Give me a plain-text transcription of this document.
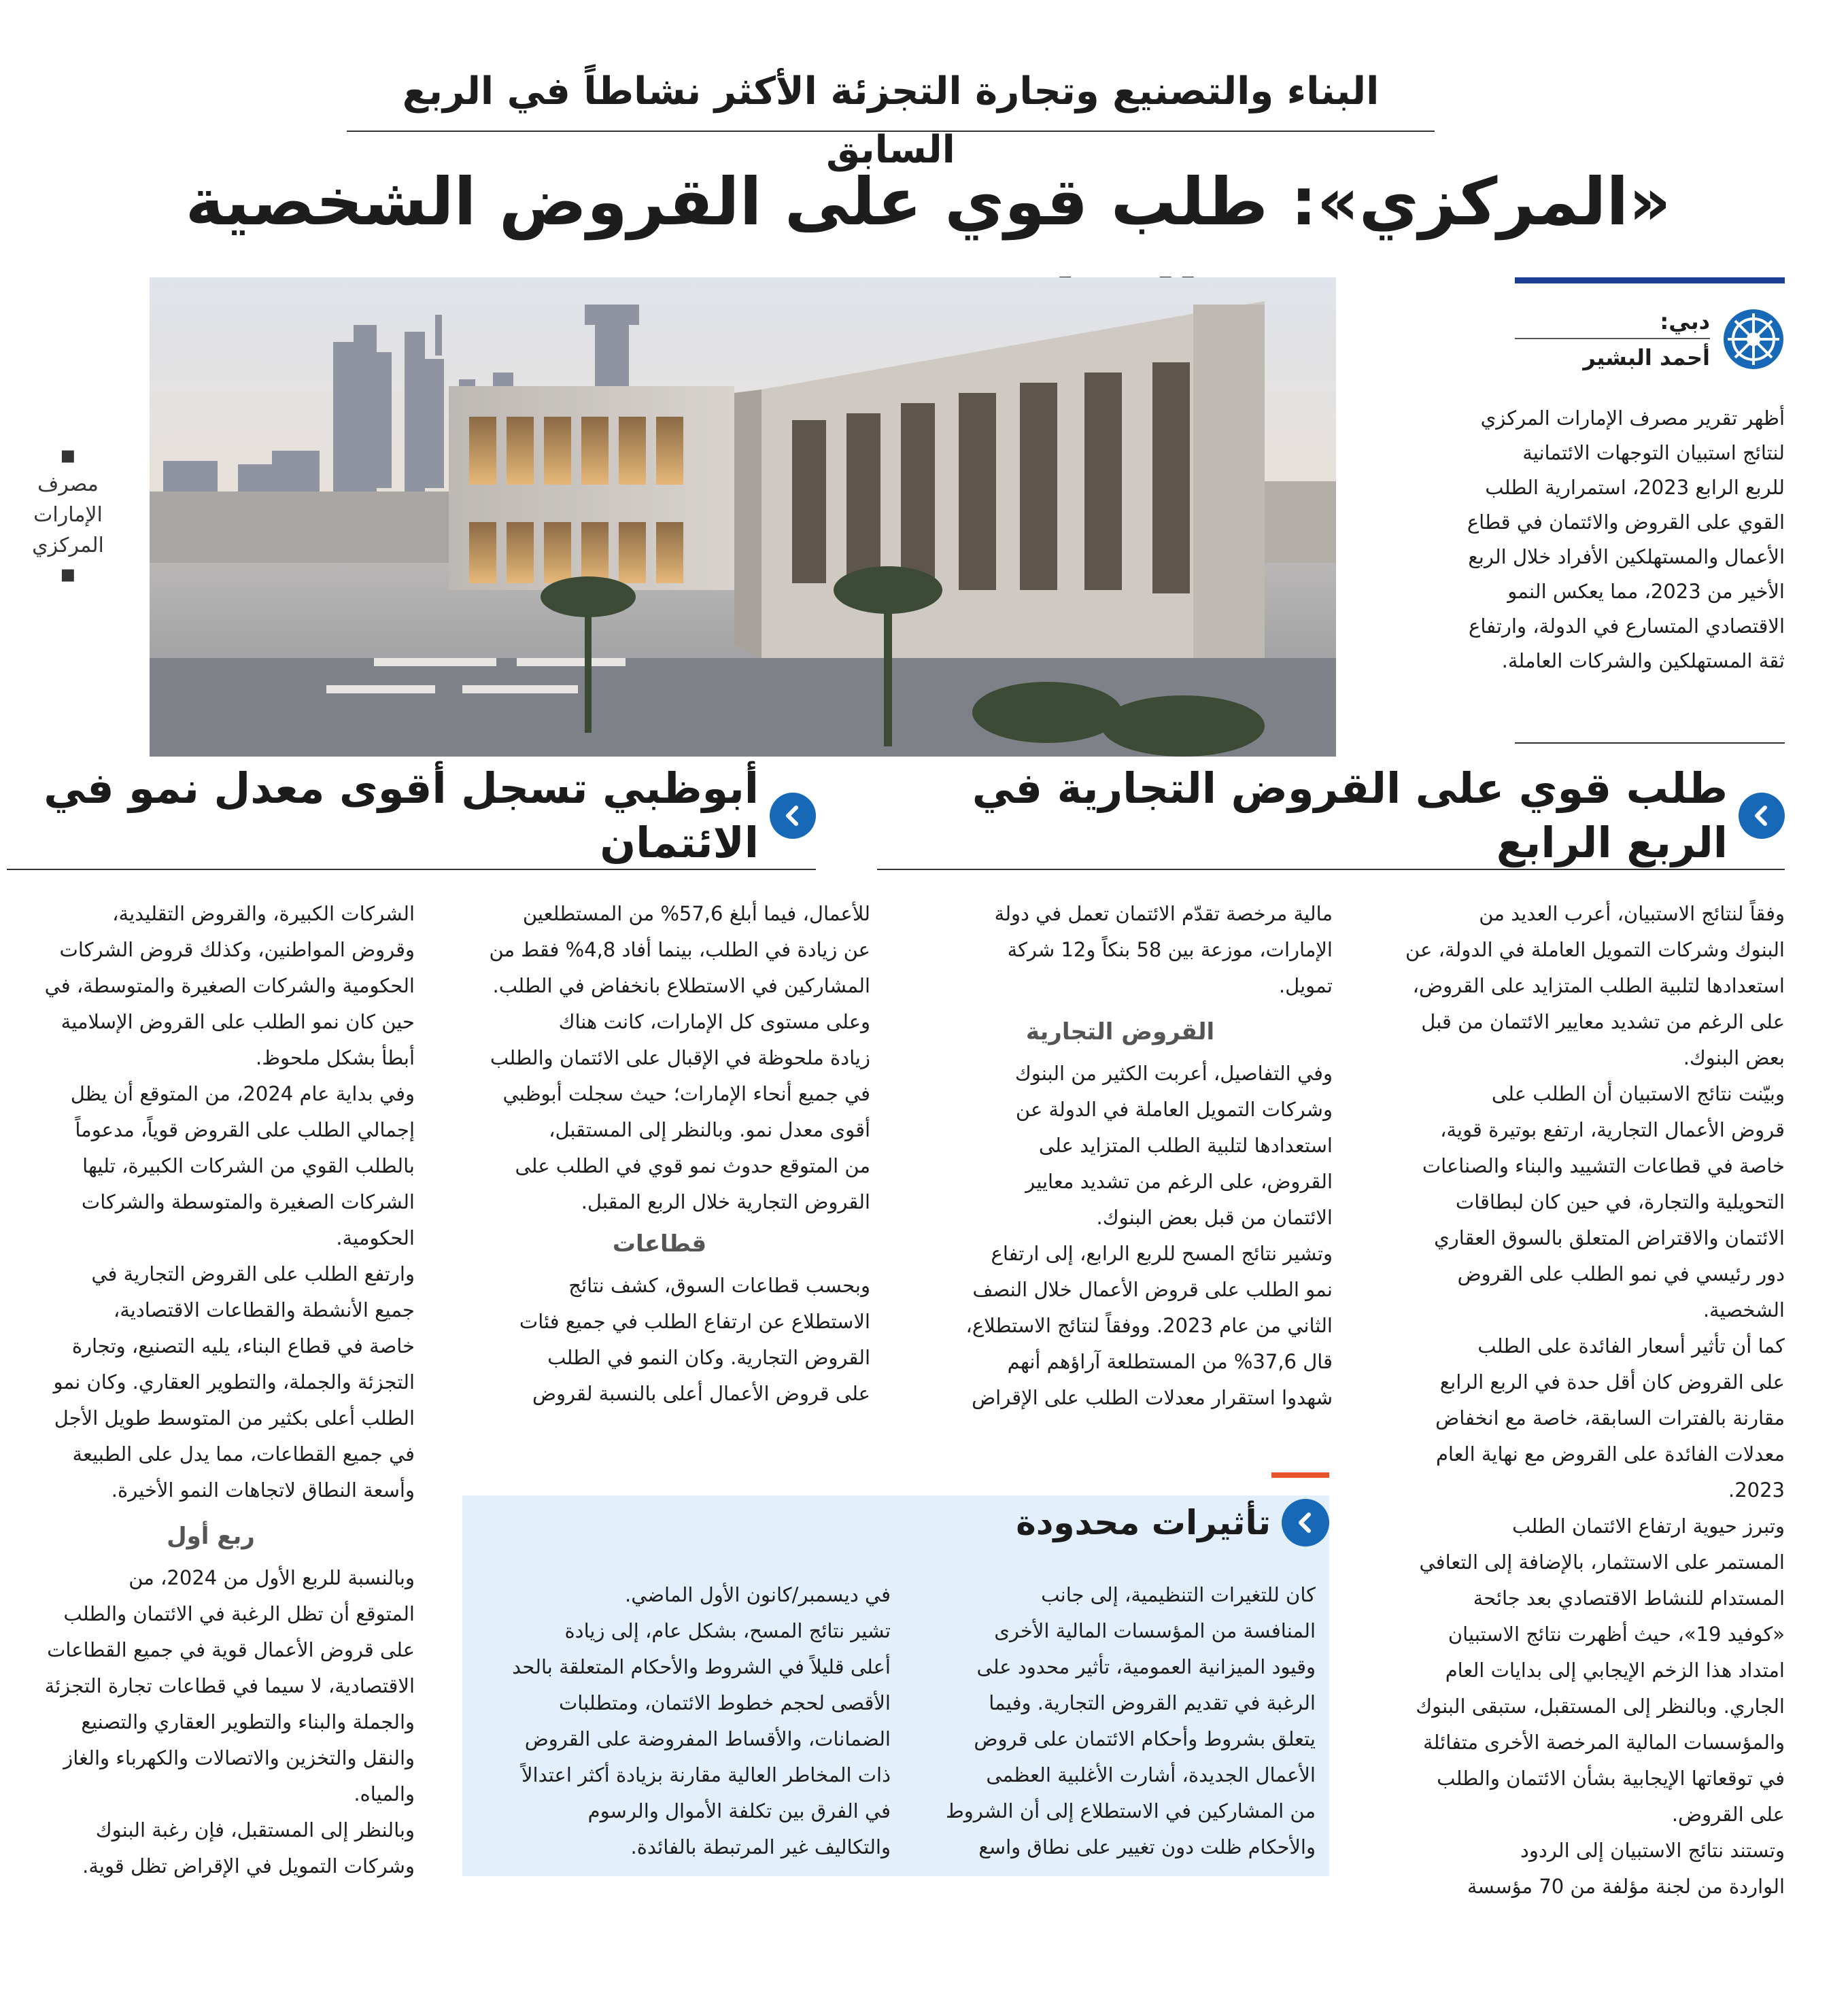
البناء والتصنيع وتجارة التجزئة الأكثر نشاطاً في الربع السابق
«المركزي»: طلب قوي على القروض الشخصية
▪
مصرف
الإمارات
المركزي
▪
دبي:
أحمد البشير

أظهر تقرير مصرف الإمارات المركزي
لنتائج استبيان التوجهات الائتمانية
للربع الرابع 2023، استمرارية الطلب
القوي على القروض والائتمان في قطاع
الأعمال والمستهلكين الأفراد خلال الربع
الأخير من 2023، مما يعكس النمو
الاقتصادي المتسارع في الدولة، وارتفاع
ثقة المستهلكين والشركات العاملة.

طلب قوي على القروض التجارية في الربع الرابع
أبوظبي تسجل أقوى معدل نمو في الائتمان

وفقاً لنتائج الاستبيان، أعرب العديد من
البنوك وشركات التمويل العاملة في الدولة، عن
استعدادها لتلبية الطلب المتزايد على القروض،
على الرغم من تشديد معايير الائتمان من قبل
بعض البنوك.

وبيّنت نتائج الاستبيان أن الطلب على
قروض الأعمال التجارية، ارتفع بوتيرة قوية،
خاصة في قطاعات التشييد والبناء والصناعات
التحويلية والتجارة، في حين كان لبطاقات
الائتمان والاقتراض المتعلق بالسوق العقاري
دور رئيسي في نمو الطلب على القروض
الشخصية.

كما أن تأثير أسعار الفائدة على الطلب
على القروض كان أقل حدة في الربع الرابع
مقارنة بالفترات السابقة، خاصة مع انخفاض
معدلات الفائدة على القروض مع نهاية العام
2023.

وتبرز حيوية ارتفاع الائتمان الطلب
المستمر على الاستثمار، بالإضافة إلى التعافي
المستدام للنشاط الاقتصادي بعد جائحة
«كوفيد 19»، حيث أظهرت نتائج الاستبيان
امتداد هذا الزخم الإيجابي إلى بدايات العام
الجاري. وبالنظر إلى المستقبل، ستبقى البنوك
والمؤسسات المالية المرخصة الأخرى متفائلة
في توقعاتها الإيجابية بشأن الائتمان والطلب
على القروض.

وتستند نتائج الاستبيان إلى الردود
الواردة من لجنة مؤلفة من 70 مؤسسة

مالية مرخصة تقدّم الائتمان تعمل في دولة
الإمارات، موزعة بين 58 بنكاً و12 شركة
تمويل.

القروض التجارية

وفي التفاصيل، أعربت الكثير من البنوك
وشركات التمويل العاملة في الدولة عن
استعدادها لتلبية الطلب المتزايد على
القروض، على الرغم من تشديد معايير
الائتمان من قبل بعض البنوك.

وتشير نتائج المسح للربع الرابع، إلى ارتفاع
نمو الطلب على قروض الأعمال خلال النصف
الثاني من عام 2023. ووفقاً لنتائج الاستطلاع،
قال 37,6% من المستطلعة آراؤهم أنهم
شهدوا استقرار معدلات الطلب على الإقراض

للأعمال، فيما أبلغ 57,6% من المستطلعين
عن زيادة في الطلب، بينما أفاد 4,8% فقط من
المشاركين في الاستطلاع بانخفاض في الطلب.

وعلى مستوى كل الإمارات، كانت هناك
زيادة ملحوظة في الإقبال على الائتمان والطلب
في جميع أنحاء الإمارات؛ حيث سجلت أبوظبي
أقوى معدل نمو. وبالنظر إلى المستقبل،
من المتوقع حدوث نمو قوي في الطلب على
القروض التجارية خلال الربع المقبل.

قطاعات

وبحسب قطاعات السوق، كشف نتائج
الاستطلاع عن ارتفاع الطلب في جميع فئات
القروض التجارية. وكان النمو في الطلب
على قروض الأعمال أعلى بالنسبة لقروض

الشركات الكبيرة، والقروض التقليدية،
وقروض المواطنين، وكذلك قروض الشركات
الحكومية والشركات الصغيرة والمتوسطة، في
حين كان نمو الطلب على القروض الإسلامية
أبطأ بشكل ملحوظ.

وفي بداية عام 2024، من المتوقع أن يظل
إجمالي الطلب على القروض قوياً، مدعوماً
بالطلب القوي من الشركات الكبيرة، تليها
الشركات الصغيرة والمتوسطة والشركات
الحكومية.

وارتفع الطلب على القروض التجارية في
جميع الأنشطة والقطاعات الاقتصادية،
خاصة في قطاع البناء، يليه التصنيع، وتجارة
التجزئة والجملة، والتطوير العقاري. وكان نمو
الطلب أعلى بكثير من المتوسط طويل الأجل
في جميع القطاعات، مما يدل على الطبيعة
وأسعة النطاق لاتجاهات النمو الأخيرة.

ربع أول

وبالنسبة للربع الأول من 2024، من
المتوقع أن تظل الرغبة في الائتمان والطلب
على قروض الأعمال قوية في جميع القطاعات
الاقتصادية، لا سيما في قطاعات تجارة التجزئة
والجملة والبناء والتطوير العقاري والتصنيع
والنقل والتخزين والاتصالات والكهرباء والغاز
والمياه.

وبالنظر إلى المستقبل، فإن رغبة البنوك
وشركات التمويل في الإقراض تظل قوية.

تأثيرات محدودة

كان للتغيرات التنظيمية، إلى جانب
المنافسة من المؤسسات المالية الأخرى
وقيود الميزانية العمومية، تأثير محدود على
الرغبة في تقديم القروض التجارية. وفيما
يتعلق بشروط وأحكام الائتمان على قروض
الأعمال الجديدة، أشارت الأغلبية العظمى
من المشاركين في الاستطلاع إلى أن الشروط
والأحكام ظلت دون تغيير على نطاق واسع

في ديسمبر/كانون الأول الماضي.
تشير نتائج المسح، بشكل عام، إلى زيادة
أعلى قليلاً في الشروط والأحكام المتعلقة بالحد
الأقصى لحجم خطوط الائتمان، ومتطلبات
الضمانات، والأقساط المفروضة على القروض
ذات المخاطر العالية مقارنة بزيادة أكثر اعتدالاً
في الفرق بين تكلفة الأموال والرسوم
والتكاليف غير المرتبطة بالفائدة.
